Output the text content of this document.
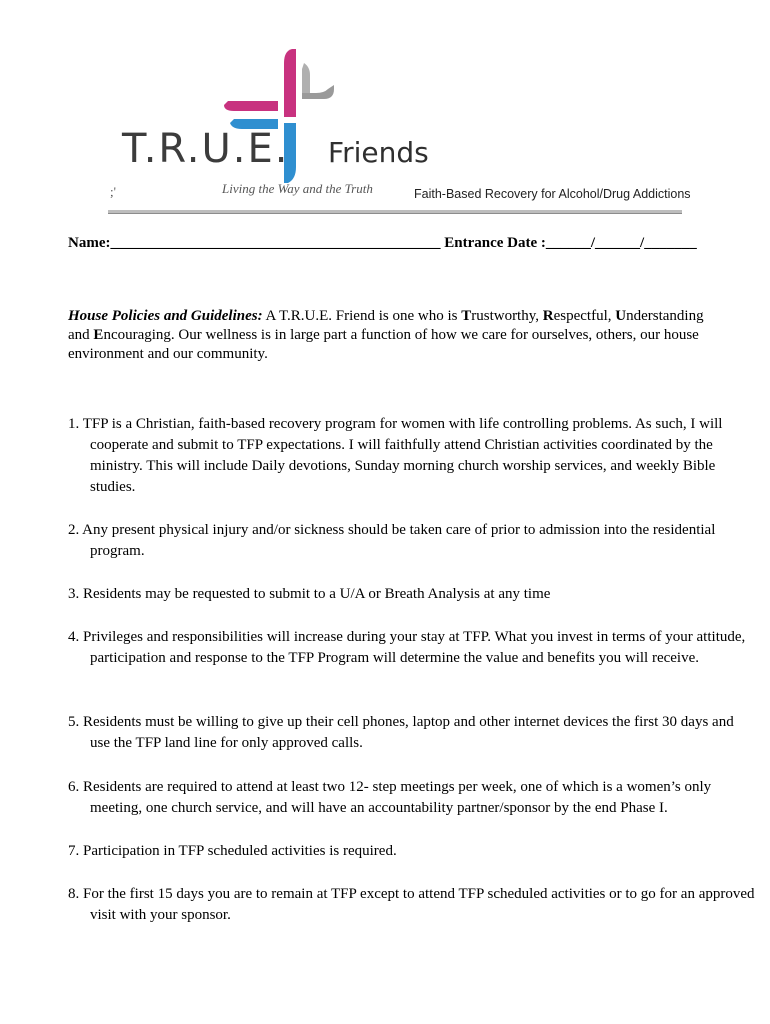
T.R.U.E. Friends
Living the Way and the Truth
;'	Faith-Based Recovery for Alcohol/Drug Addictions
Name:____________________________________________ Entrance Date :______/______/_______
House Policies and Guidelines: A T.R.U.E. Friend is one who is Trustworthy, Respectful, Understanding and Encouraging. Our wellness is in large part a function of how we care for ourselves, others, our house environment and our community.
1. TFP is a Christian, faith-based recovery program for women with life controlling problems. As such, I will cooperate and submit to TFP expectations. I will faithfully attend Christian activities coordinated by the ministry. This will include Daily devotions, Sunday morning church worship services, and weekly Bible studies.
2. Any present physical injury and/or sickness should be taken care of prior to admission into the residential program.
3. Residents may be requested to submit to a U/A or Breath Analysis at any time
4. Privileges and responsibilities will increase during your stay at TFP. What you invest in terms of your attitude, participation and response to the TFP Program will determine the value and benefits you will receive.
5. Residents must be willing to give up their cell phones, laptop and other internet devices the first 30 days and use the TFP land line for only approved calls.
6. Residents are required to attend at least two 12- step meetings per week, one of which is a women’s only meeting, one church service, and will have an accountability partner/sponsor by the end Phase I.
7. Participation in TFP scheduled activities is required.
8. For the first 15 days you are to remain at TFP except to attend TFP scheduled activities or to go for an approved visit with your sponsor.
